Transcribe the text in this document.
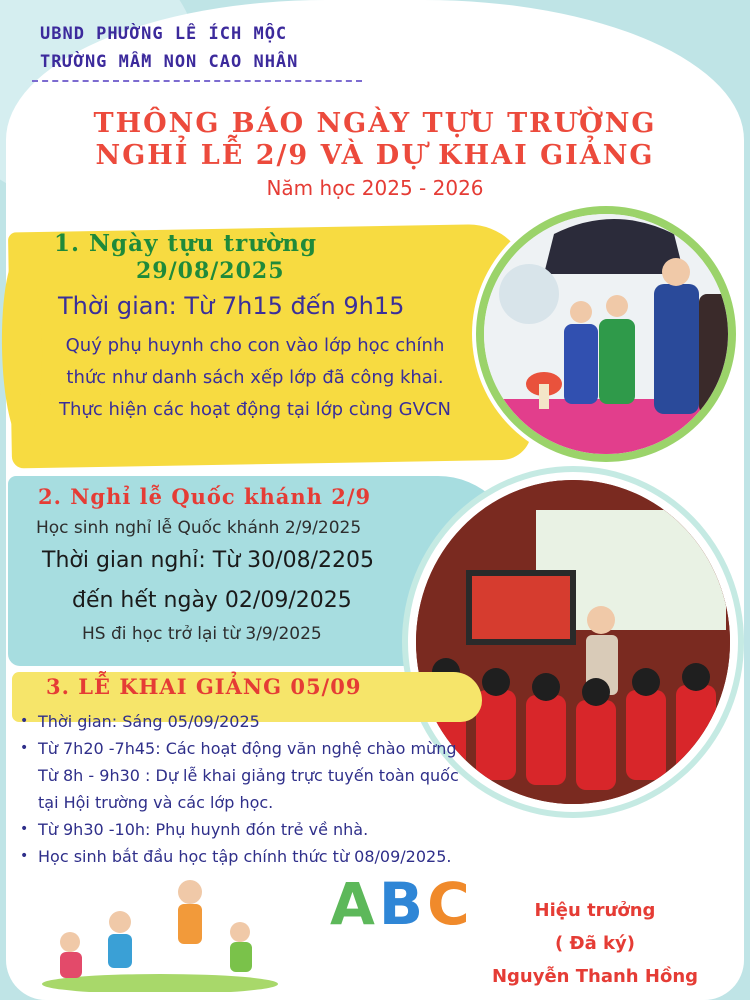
UBND PHƯỜNG LÊ ÍCH MỘC
TRƯỜNG MẦM NON CAO NHÂN
THÔNG BÁO NGÀY TỰU TRƯỜNG
NGHỈ LỄ 2/9 VÀ DỰ KHAI GIẢNG
Năm học 2025 - 2026
1. Ngày tựu trường
29/08/2025
Thời gian: Từ 7h15 đến 9h15
Quý phụ huynh cho con vào lớp học chính
thức như danh sách xếp lớp đã công khai.
Thực hiện các hoạt động tại lớp cùng GVCN
2. Nghỉ lễ Quốc khánh 2/9
Học sinh nghỉ lễ Quốc khánh 2/9/2025
Thời gian nghỉ: Từ 30/08/2205
đến hết ngày 02/09/2025
HS đi học trở lại từ 3/9/2025
3. LỄ KHAI GIẢNG 05/09
• Thời gian: Sáng 05/09/2025
• Từ 7h20 -7h45: Các hoạt động văn nghệ chào mừng
Từ 8h - 9h30 : Dự lễ khai giảng trực tuyến toàn quốc
tại Hội trường và các lớp học.
• Từ 9h30 -10h: Phụ huynh đón trẻ về nhà.
• Học sinh bắt đầu học tập chính thức từ 08/09/2025.
ABC	Hiệu trưởng
( Đã ký)
Nguyễn Thanh Hồng
